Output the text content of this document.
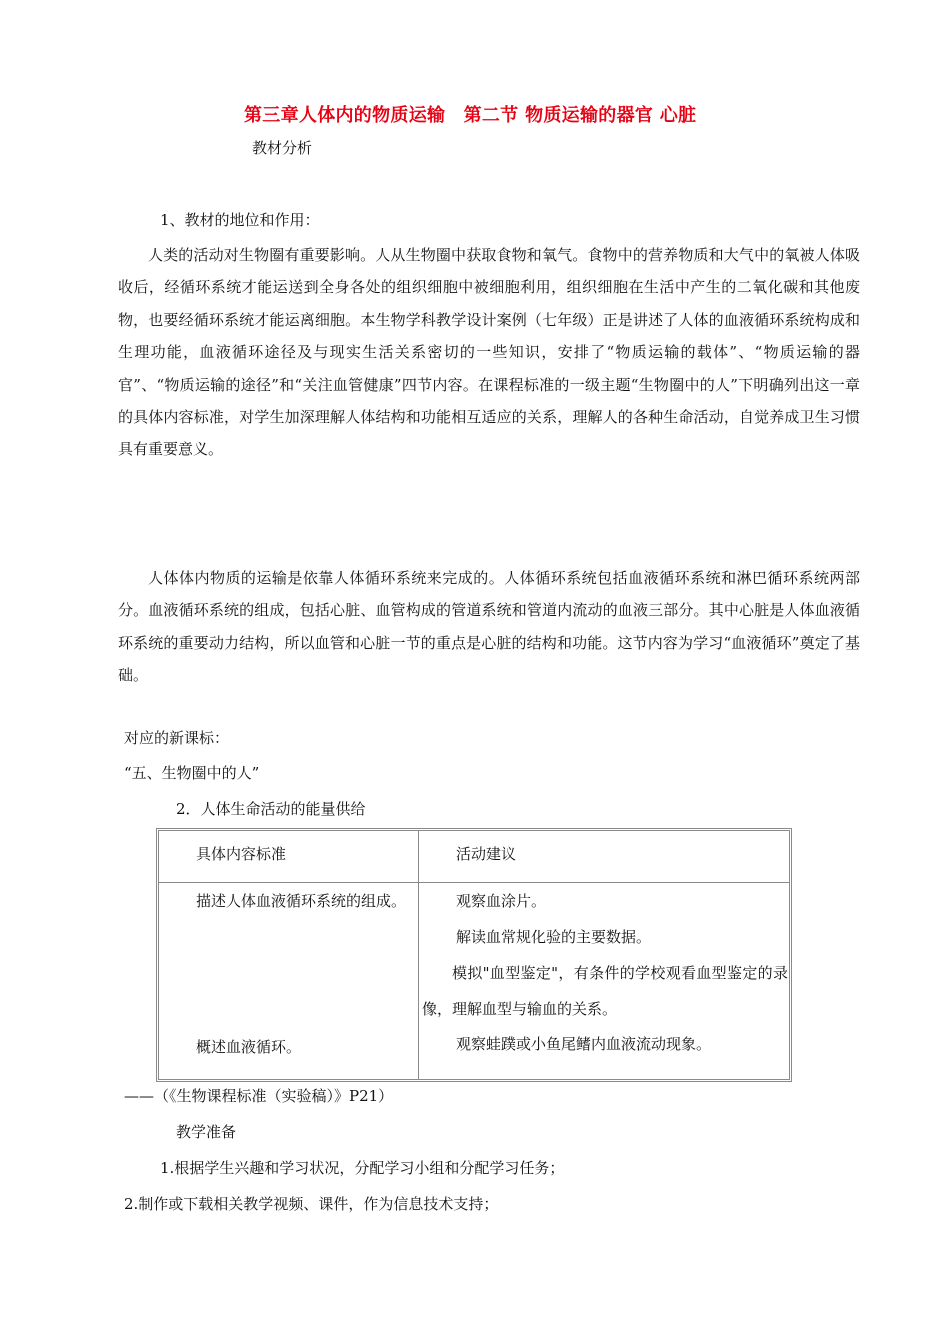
第三章人体内的物质运输　第二节 物质运输的器官 心脏
教材分析
1、教材的地位和作用：

人类的活动对生物圈有重要影响。人从生物圈中获取食物和氧气。食物中的营养物质和大气中的氧被人体吸收后，经循环系统才能运送到全身各处的组织细胞中被细胞利用，组织细胞在生活中产生的二氧化碳和其他废物，也要经循环系统才能运离细胞。本生物学科教学设计案例（七年级）正是讲述了人体的血液循环系统构成和生理功能，血液循环途径及与现实生活关系密切的一些知识，安排了“物质运输的载体”、“物质运输的器官”、“物质运输的途径”和“关注血管健康”四节内容。在课程标准的一级主题“生物圈中的人”下明确列出这一章的具体内容标准，对学生加深理解人体结构和功能相互适应的关系，理解人的各种生命活动，自觉养成卫生习惯具有重要意义。

人体体内物质的运输是依靠人体循环系统来完成的。人体循环系统包括血液循环系统和淋巴循环系统两部分。血液循环系统的组成，包括心脏、血管构成的管道系统和管道内流动的血液三部分。其中心脏是人体血液循环系统的重要动力结构，所以血管和心脏一节的重点是心脏的结构和功能。这节内容为学习“血液循环”奠定了基础。

对应的新课标：
“五、生物圈中的人”
2．人体生命活动的能量供给
具体内容标准	活动建议

描述人体血液循环系统的组成。

概述血液循环。
观察血涂片。
解读血常规化验的主要数据。

模拟"血型鉴定"，有条件的学校观看血型鉴定的录像，理解血型与输血的关系。

观察蛙蹼或小鱼尾鳍内血液流动现象。
——（《生物课程标准（实验稿）》P21）
教学准备
1.根据学生兴趣和学习状况，分配学习小组和分配学习任务；
2.制作或下载相关教学视频、课件，作为信息技术支持；
